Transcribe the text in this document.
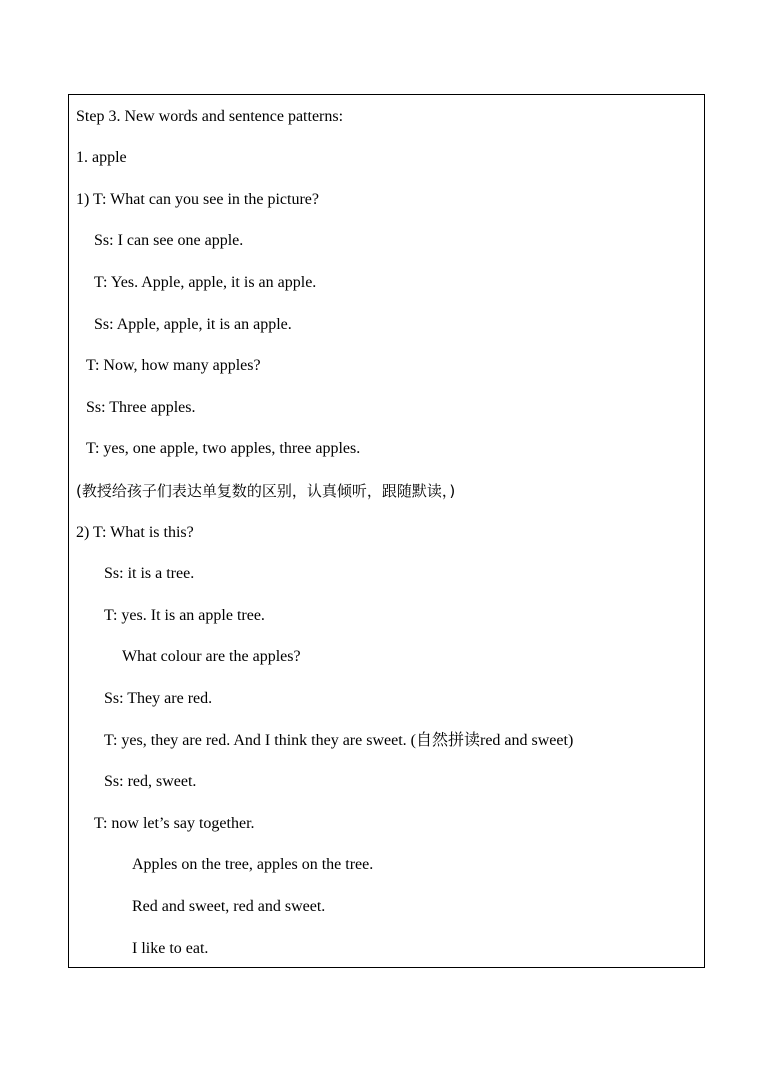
Step 3. New words and sentence patterns:
1. apple
1) T: What can you see in the picture?
Ss: I can see one apple.
T: Yes. Apple, apple, it is an apple.
Ss: Apple, apple, it is an apple.
T: Now, how many apples?
Ss: Three apples.
T: yes, one apple, two apples, three apples.
(教授给孩子们表达单复数的区别，认真倾听，跟随默读，)
2) T: What is this?
Ss: it is a tree.
T: yes. It is an apple tree.
What colour are the apples?
Ss: They are red.
T: yes, they are red. And I think they are sweet. (自然拼读red and sweet)
Ss: red, sweet.
T: now let’s say together.
Apples on the tree, apples on the tree.
Red and sweet, red and sweet.
I like to eat.
